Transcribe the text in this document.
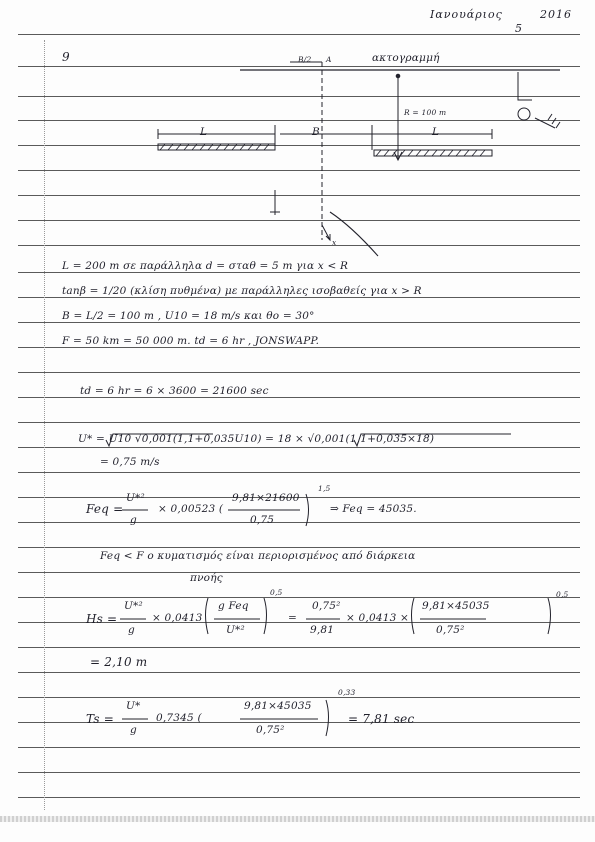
Ιανουάριος	2016
5
9	B/2 A	ακτογραμμή
R = 100 m
L	B	L
x
L = 200 m σε παράλληλα d = σταθ = 5 m για x < R
tanβ = 1/20 (κλίση πυθμένα) με παράλληλες ισοβαθείς για x > R
B = L/2 = 100 m , U10 = 18 m/s και θo = 30°
F = 50 km = 50 000 m. td = 6 hr , JONSWAPP.
td = 6 hr = 6 × 3600 = 21600 sec
U* = U10 √0,001(1,1+0,035U10) = 18 × √0,001(1,1+0,035×18)
= 0,75 m/s
Feq =
U*²
g
× 0,00523 (
9,81×21600
0,75
1,5
⇒ Feq = 45035.
Feq < F ο κυματισμός είναι περιορισμένος από διάρκεια
πνοής
Hs =
U*²
g
× 0,0413
g Feq
U*²
0,5
=
0,75²
9,81
× 0,0413 ×
9,81×45035
0,75²
0,5
= 2,10 m
Ts =
U*
g
0,7345 (
9,81×45035
0,75²
0,33
= 7,81 sec
